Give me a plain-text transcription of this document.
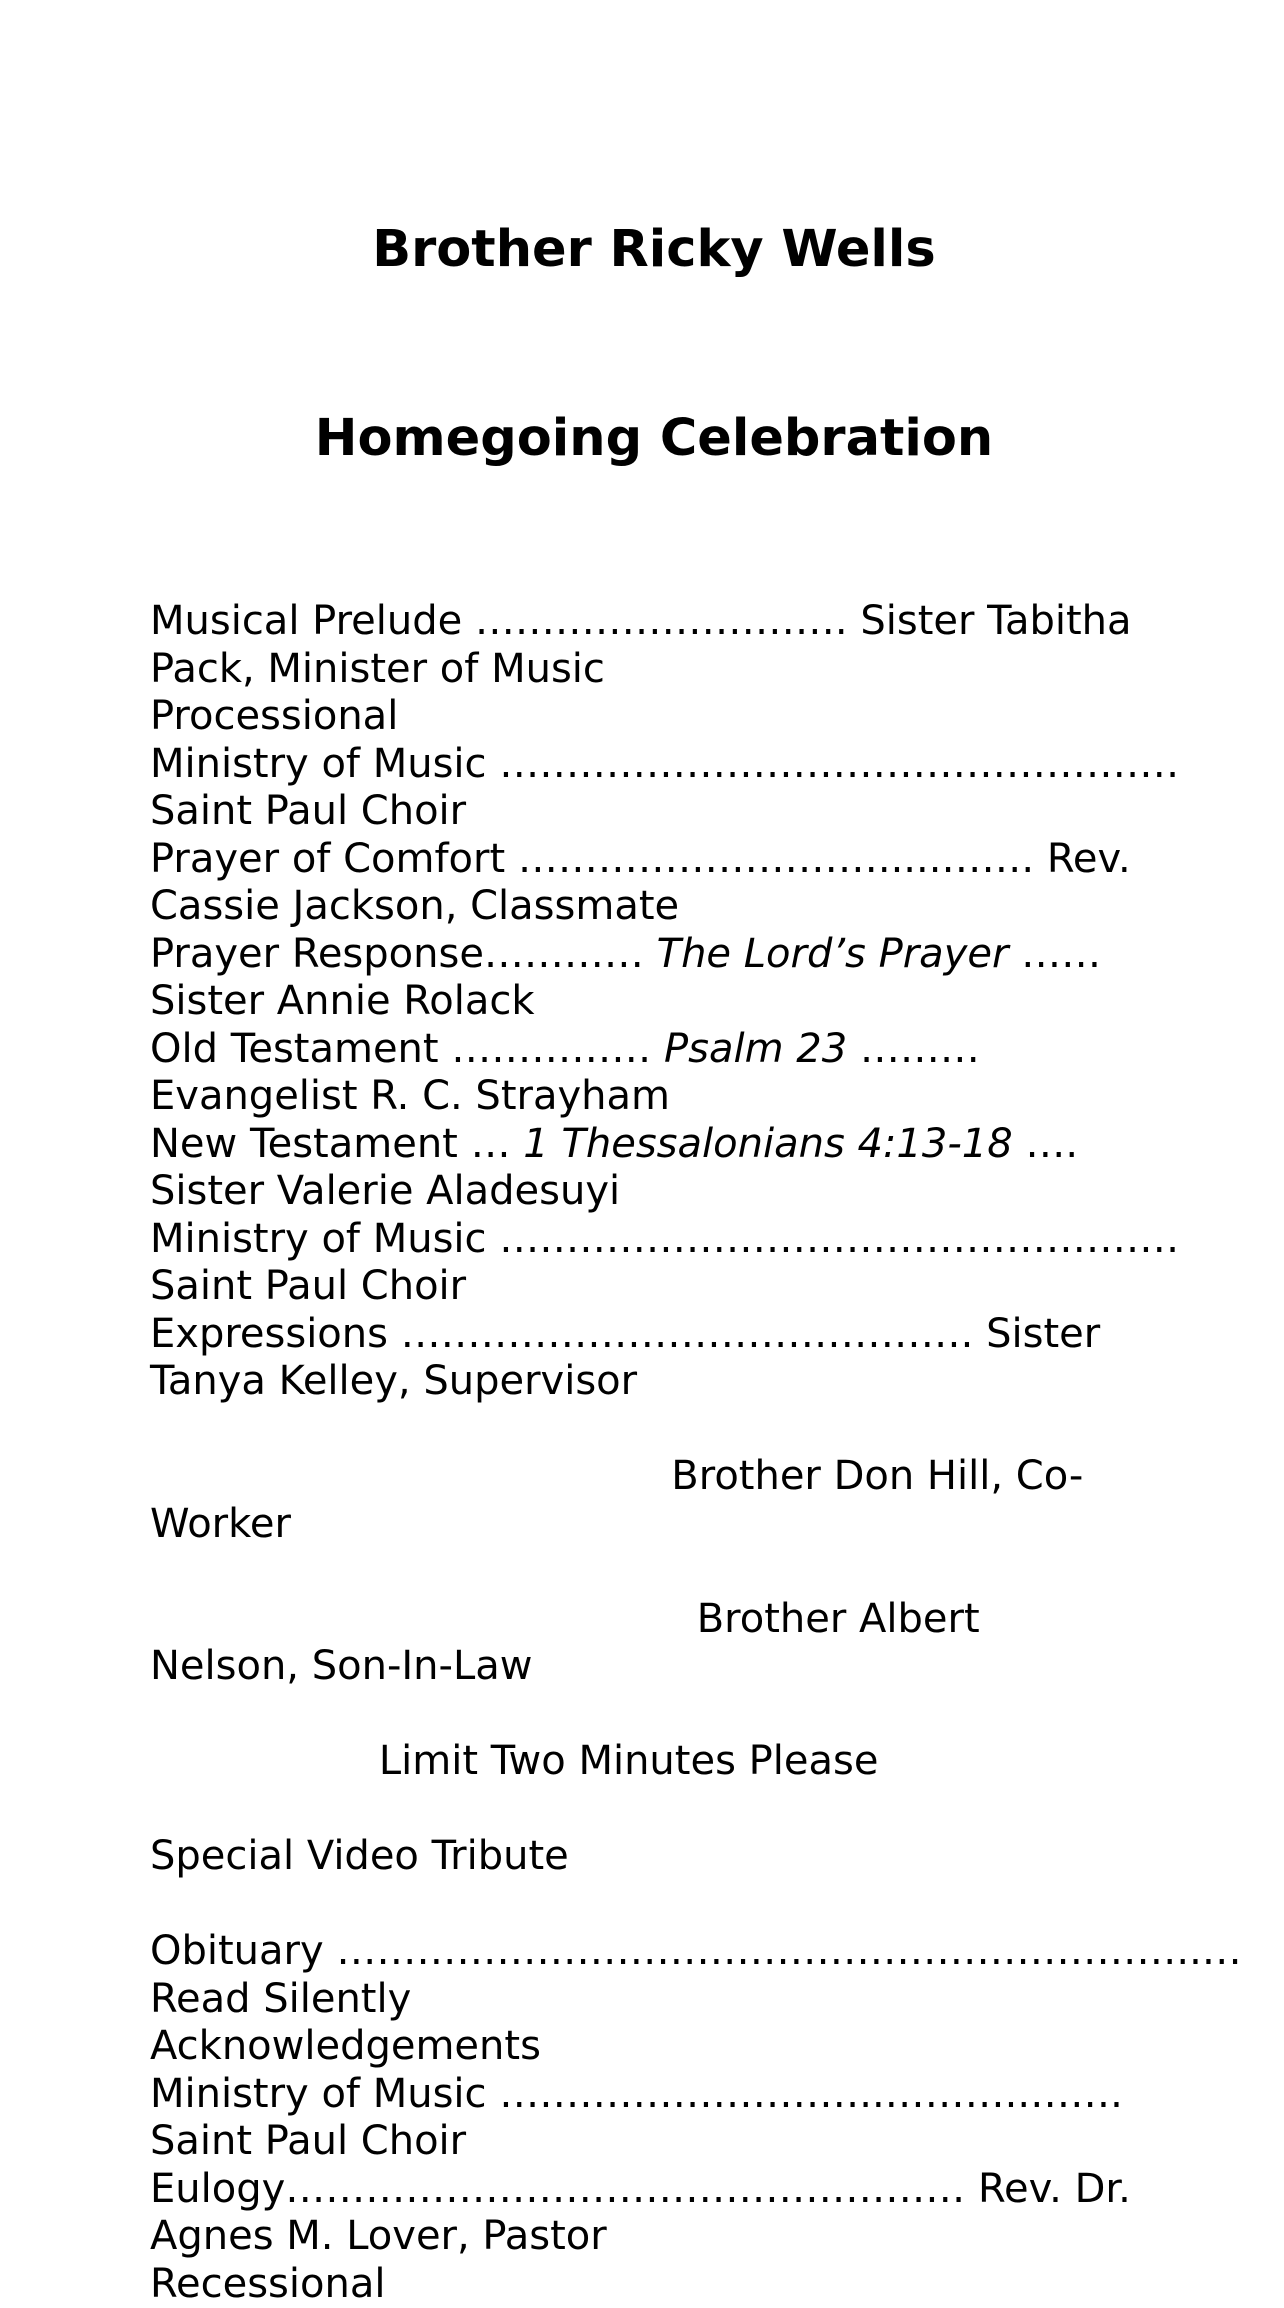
Brother Ricky Wells

Homegoing Celebration

Musical Prelude ………………………. Sister Tabitha
Pack, Minister of Music
Processional
Ministry of Music ……………………………………………
Saint Paul Choir
Prayer of Comfort ……………………….....……. Rev.
Cassie Jackson, Classmate
Prayer Response………… The Lord’s Prayer ……
Sister Annie Rolack
Old Testament …………… Psalm 23 ………
Evangelist R. C. Strayham
New Testament … 1 Thessalonians 4:13-18 ….
Sister Valerie Aladesuyi
Ministry of Music ……………………………………………
Saint Paul Choir
Expressions ……………………………………. Sister
Tanya Kelley, Supervisor

Brother Don Hill, Co-
Worker

Brother Albert
Nelson, Son-In-Law

Limit Two Minutes Please

Special Video Tribute

Obituary ………………………………………………………..…
Read Silently
Acknowledgements
Ministry of Music ………………………..………..…….
Saint Paul Choir
Eulogy…………………………………………… Rev. Dr.
Agnes M. Lover, Pastor
Recessional
